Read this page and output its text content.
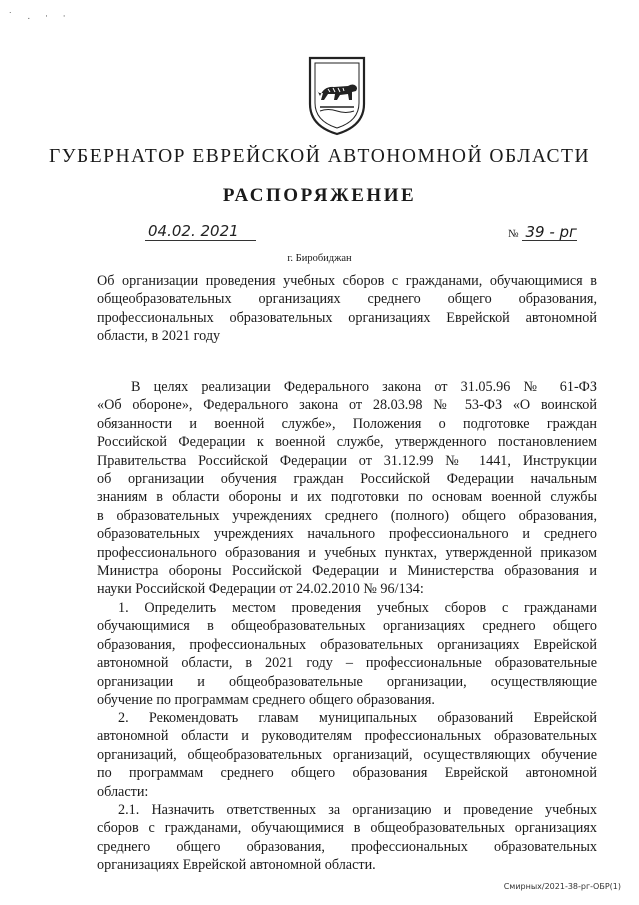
˙ . · ·
ГУБЕРНАТОР ЕВРЕЙСКОЙ АВТОНОМНОЙ ОБЛАСТИ
РАСПОРЯЖЕНИЕ
04.02. 2021	№ 39 - рг
г. Биробиджан
Об организации проведения учебных сборов с гражданами, обучающимися в
общеобразовательных организациях среднего общего образования,
профессиональных образовательных организациях Еврейской автономной
области, в 2021 году
В целях реализации Федерального закона от 31.05.96 № 61-ФЗ
«Об обороне», Федерального закона от 28.03.98 № 53-ФЗ «О воинской
обязанности и военной службе», Положения о подготовке граждан
Российской Федерации к военной службе, утвержденного постановлением
Правительства Российской Федерации от 31.12.99 № 1441, Инструкции
об организации обучения граждан Российской Федерации начальным
знаниям в области обороны и их подготовки по основам военной службы
в образовательных учреждениях среднего (полного) общего образования,
образовательных учреждениях начального профессионального и среднего
профессионального образования и учебных пунктах, утвержденной приказом
Министра обороны Российской Федерации и Министерства образования и
науки Российской Федерации от 24.02.2010 № 96/134:
1. Определить местом проведения учебных сборов с гражданами
обучающимися в общеобразовательных организациях среднего общего
образования, профессиональных образовательных организациях Еврейской
автономной области, в 2021 году – профессиональные образовательные
организации и общеобразовательные организации, осуществляющие
обучение по программам среднего общего образования.
2. Рекомендовать главам муниципальных образований Еврейской
автономной области и руководителям профессиональных образовательных
организаций, общеобразовательных организаций, осуществляющих обучение
по программам среднего общего образования Еврейской автономной
области:
2.1. Назначить ответственных за организацию и проведение учебных
сборов с гражданами, обучающимися в общеобразовательных организациях
среднего общего образования, профессиональных образовательных
организациях Еврейской автономной области.
Смирных/2021-38-рг-ОБР(1)
